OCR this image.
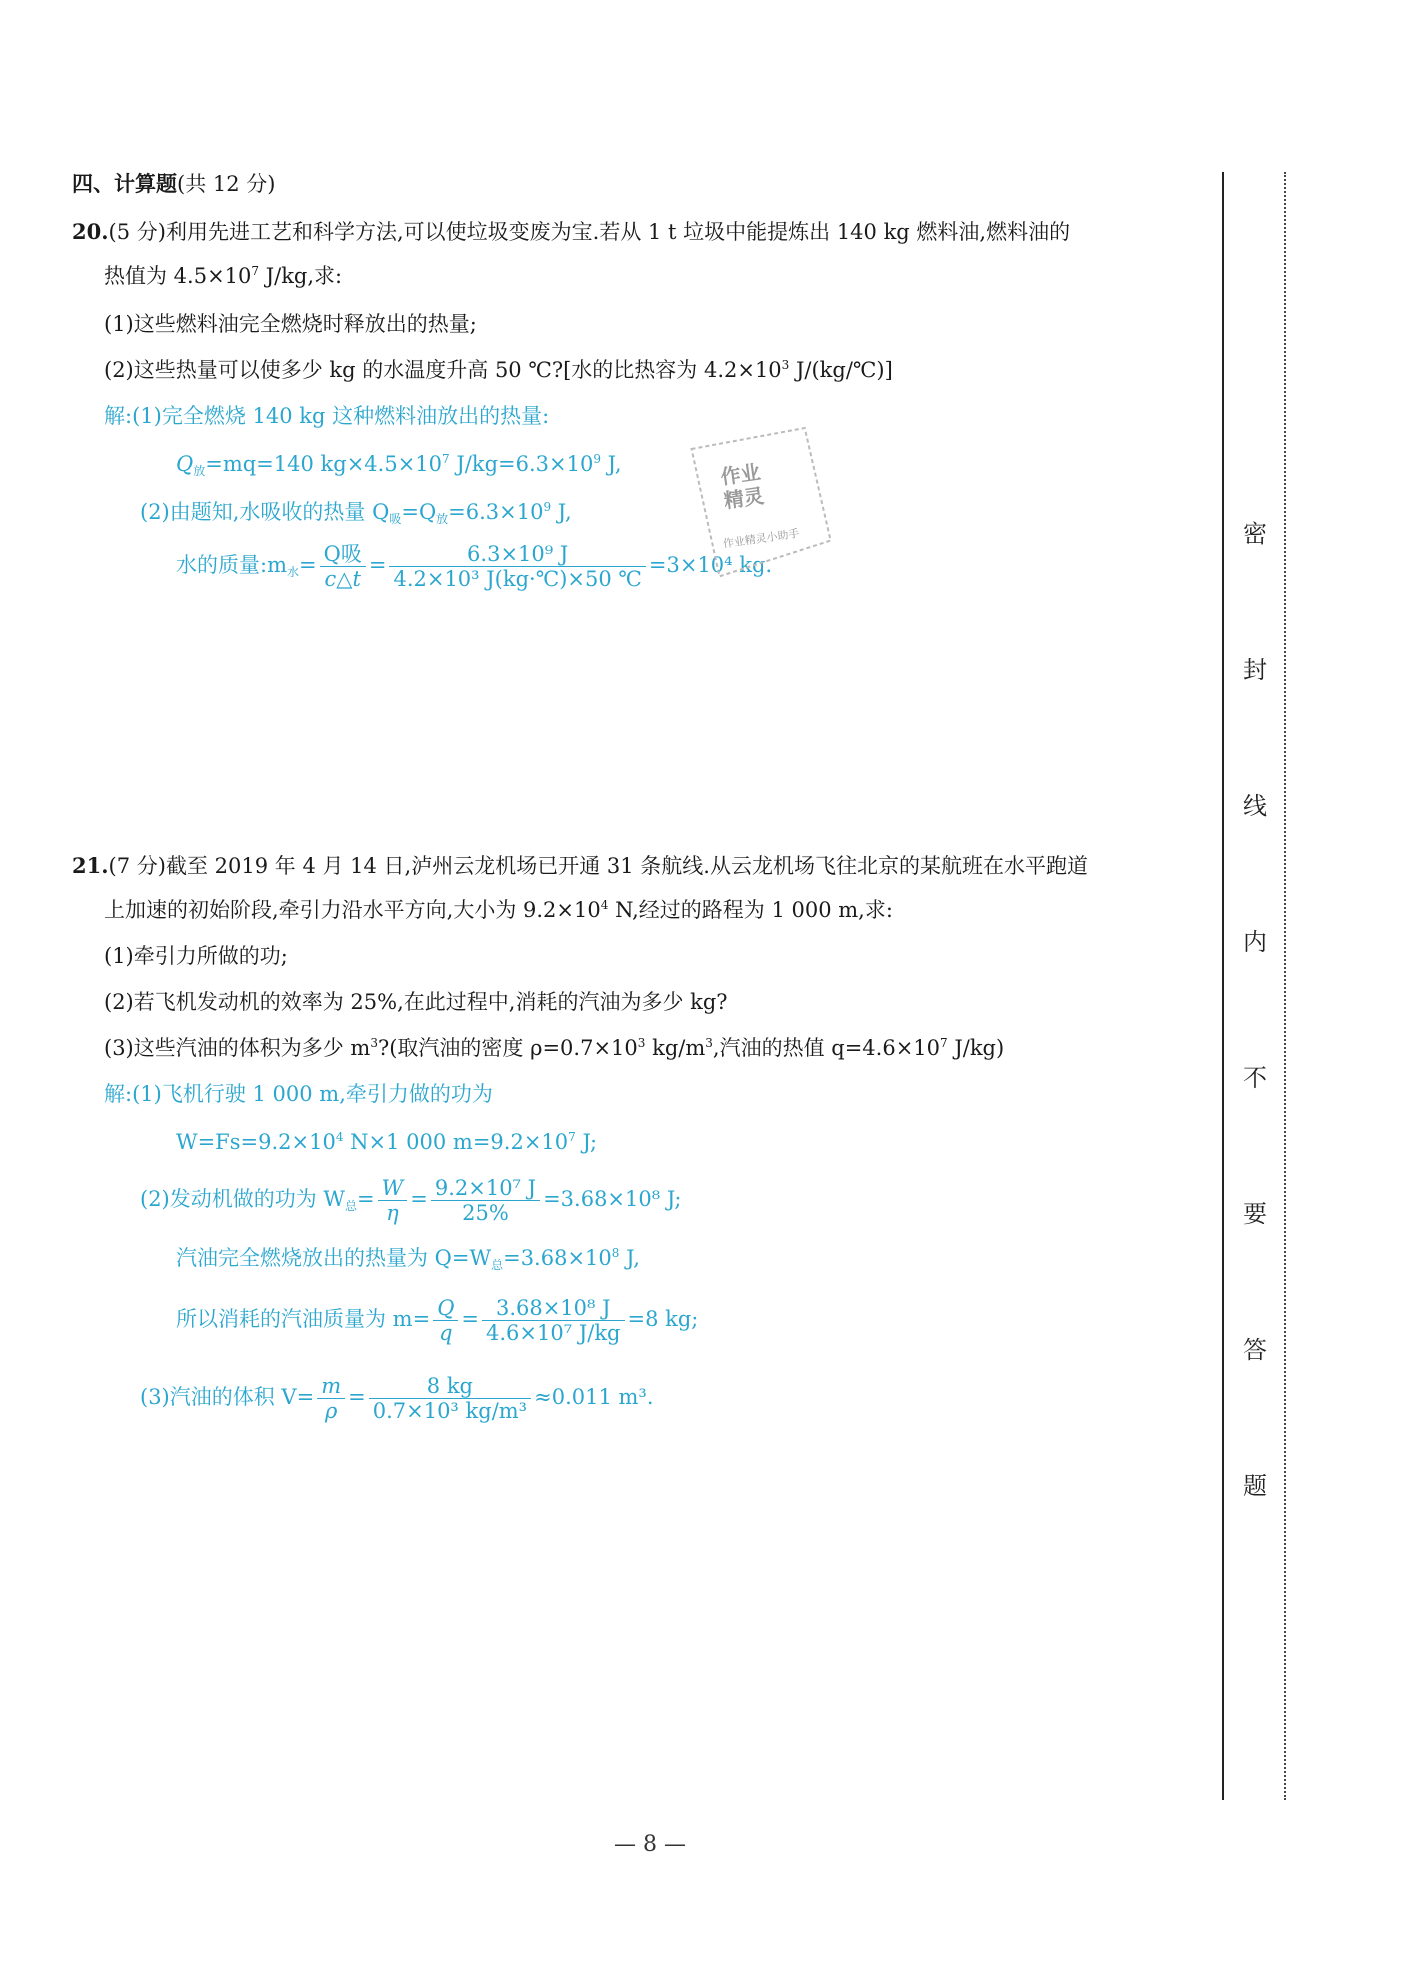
四、计算题(共 12 分)
20.(5 分)利用先进工艺和科学方法,可以使垃圾变废为宝.若从 1 t 垃圾中能提炼出 140 kg 燃料油,燃料油的
热值为 $4.5\times 10^7$ J/kg,求:
(1)这些燃料油完全燃烧时释放出的热量;
(2)这些热量可以使多少 kg 的水温度升高 50 ℃?[水的比热容为 $4.2\times 10^3$ J/(kg/℃)]
解:(1)完全燃烧 140 kg 这种燃料油放出的热量:
$Q_放=mq=140$ $kg\times 4.5\times 10^7$ $J/kg=6.3\times 10^9$ J,
(2)由题知,水吸收的热量 $Q_吸=Q_放=6.3\times 10^9$ J,
水的质量$:m_水= \frac{\text{Q吸}}{c\triangle t} = \frac{\text{6.3×10⁹ J}}{\text{4.2×10³ J(kg·℃)×50 ℃}} =3\times 10^4$ kg.
作业
精灵
作业精灵小助手
21.(7 分)截至 2019 年 4 月 14 日,泸州云龙机场已开通 31 条航线.从云龙机场飞往北京的某航班在水平跑道
上加速的初始阶段,牵引力沿水平方向,大小为 $9.2\times 10^4$ N,经过的路程为 1 000 m,求:
(1)牵引力所做的功;
(2)若飞机发动机的效率为 25%,在此过程中,消耗的汽油为多少 kg?
(3)这些汽油的体积为多少 $m^3$?(取汽油的密度 $\rho=0.7\times 10^3$ $kg/m^3$,汽油的热值 $q=4.6\times 10^7$ J/kg)
解:(1)飞机行驶 1 000 m,牵引力做的功为
$W=Fs=9.2\times 10^4$ N×1 000 $m=9.2\times 10^7$ J;
(2)发动机做的功为 $W_总= \frac{W}{\eta} = \frac{\text{9.2×10⁷ J}}{25\%} =3.68\times 10^8$ J;
汽油完全燃烧放出的热量为 $Q=W_总=3.68\times 10^8$ J,
所以消耗的汽油质量为 $m= \frac{Q}{q} = \frac{\text{3.68×10⁸ J}}{\text{4.6×10⁷ J/kg}} =8$ kg;
(3)汽油的体积 $V= \frac{m}{\rho} = \frac{8 kg}{\text{0.7×10³ kg/m³}} \approx 0.011$ m³.
密
封
线
内
不
要
答
题
— 8 —
